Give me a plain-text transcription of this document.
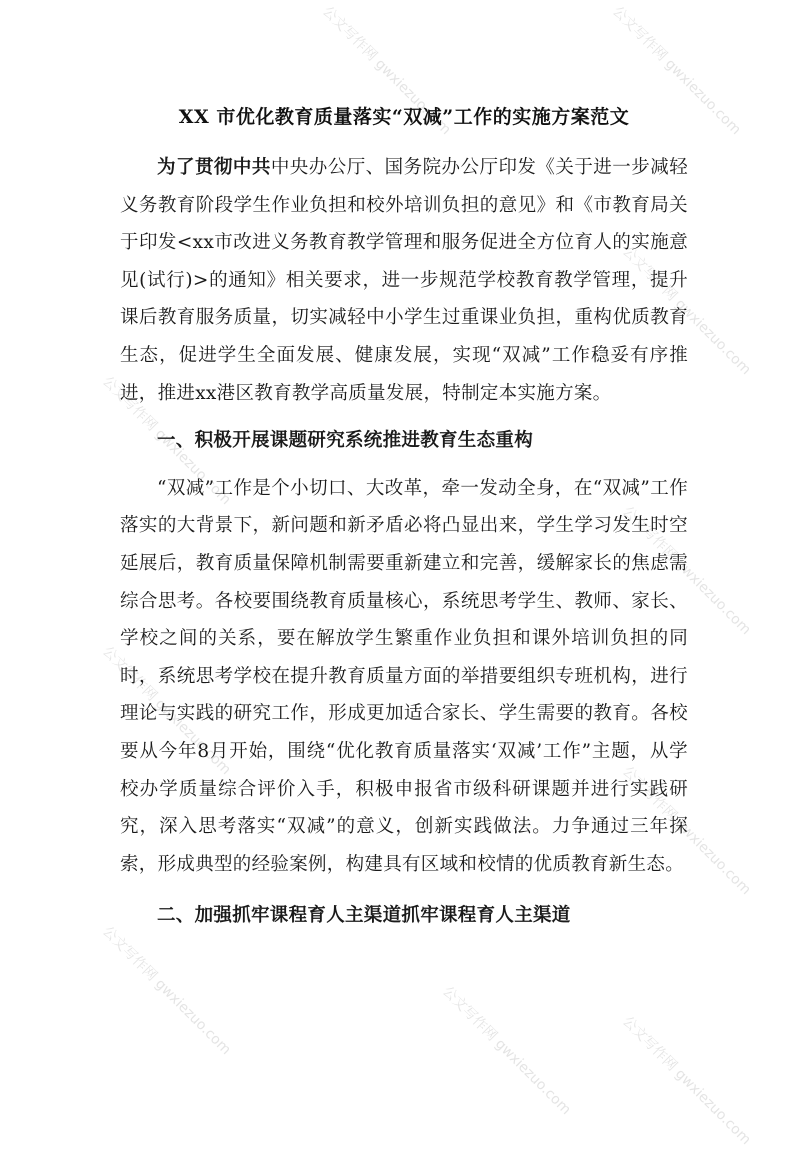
公文写作网 gwxiezuo.com	公文写作网 gwxiezuo.com
公文写作网 gwxiezuo.com
公文写作网 gwxiezuo.com
公文写作网 gwxiezuo.com
公文写作网 gwxiezuo.com
公文写作网 gwxiezuo.com
公文写作网 gwxiezuo.com	公文写作网 gwxiezuo.com	公文写作网 gwxiezuo.com
XX 市优化教育质量落实“双减”工作的实施方案范文

为了贯彻中共中央办公厅、国务院办公厅印发《关于进一步减轻义务教育阶段学生作业负担和校外培训负担的意见》和《市教育局关于印发<xx市改进义务教育教学管理和服务促进全方位育人的实施意见(试行)>的通知》相关要求，进一步规范学校教育教学管理，提升课后教育服务质量，切实减轻中小学生过重课业负担，重构优质教育生态，促进学生全面发展、健康发展，实现“双减”工作稳妥有序推进，推进xx港区教育教学高质量发展，特制定本实施方案。

一、积极开展课题研究系统推进教育生态重构

“双减”工作是个小切口、大改革，牵一发动全身，在“双减”工作落实的大背景下，新问题和新矛盾必将凸显出来，学生学习发生时空延展后，教育质量保障机制需要重新建立和完善，缓解家长的焦虑需综合思考。各校要围绕教育质量核心，系统思考学生、教师、家长、学校之间的关系，要在解放学生繁重作业负担和课外培训负担的同时，系统思考学校在提升教育质量方面的举措要组织专班机构，进行理论与实践的研究工作，形成更加适合家长、学生需要的教育。各校要从今年8月开始，围绕“优化教育质量落实‘双减’工作”主题，从学校办学质量综合评价入手，积极申报省市级科研课题并进行实践研究，深入思考落实“双减”的意义，创新实践做法。力争通过三年探索，形成典型的经验案例，构建具有区域和校情的优质教育新生态。

二、加强抓牢课程育人主渠道抓牢课程育人主渠道
